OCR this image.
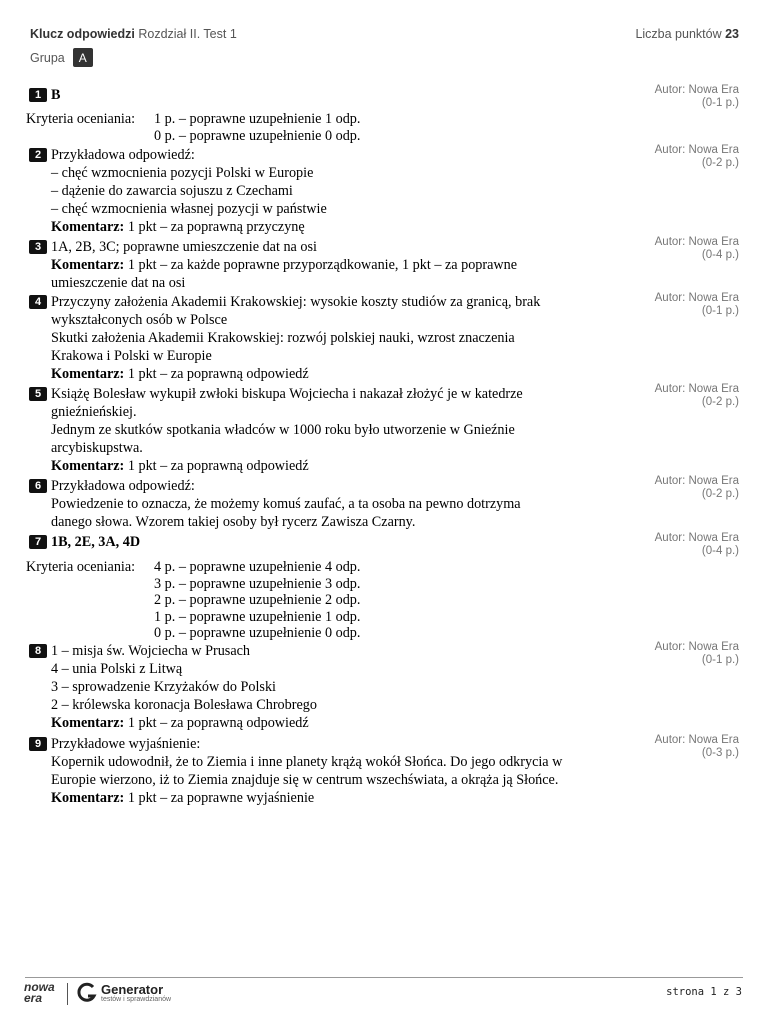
Klucz odpowiedzi Rozdział II. Test 1	Liczba punktów 23
Grupa	A
1 B	Autor: Nowa Era
(0-1 p.)
Kryteria oceniania:	1 p. – poprawne uzupełnienie 1 odp.
0 p. – poprawne uzupełnienie 0 odp.
2 Przykładowa odpowiedź:
– chęć wzmocnienia pozycji Polski w Europie
– dążenie do zawarcia sojuszu z Czechami
– chęć wzmocnienia własnej pozycji w państwie
Komentarz: 1 pkt – za poprawną przyczynę
Autor: Nowa Era
(0-2 p.)
3 1A, 2B, 3C; poprawne umieszczenie dat na osi
Komentarz: 1 pkt – za każde poprawne przyporządkowanie, 1 pkt – za poprawne
umieszczenie dat na osi
Autor: Nowa Era
(0-4 p.)
4 Przyczyny założenia Akademii Krakowskiej: wysokie koszty studiów za granicą, brak
wykształconych osób w Polsce
Skutki założenia Akademii Krakowskiej: rozwój polskiej nauki, wzrost znaczenia
Krakowa i Polski w Europie
Komentarz: 1 pkt – za poprawną odpowiedź
Autor: Nowa Era
(0-1 p.)
5 Książę Bolesław wykupił zwłoki biskupa Wojciecha i nakazał złożyć je w katedrze
gnieźnieńskiej.
Jednym ze skutków spotkania władców w 1000 roku było utworzenie w Gnieźnie
arcybiskupstwa.
Komentarz: 1 pkt – za poprawną odpowiedź
Autor: Nowa Era
(0-2 p.)
6 Przykładowa odpowiedź:
Powiedzenie to oznacza, że możemy komuś zaufać, a ta osoba na pewno dotrzyma
danego słowa. Wzorem takiej osoby był rycerz Zawisza Czarny.
Autor: Nowa Era
(0-2 p.)
7 1B, 2E, 3A, 4D	Autor: Nowa Era
(0-4 p.)
Kryteria oceniania:	4 p. – poprawne uzupełnienie 4 odp.
3 p. – poprawne uzupełnienie 3 odp.
2 p. – poprawne uzupełnienie 2 odp.
1 p. – poprawne uzupełnienie 1 odp.
0 p. – poprawne uzupełnienie 0 odp.
8 1 – misja św. Wojciecha w Prusach
4 – unia Polski z Litwą
3 – sprowadzenie Krzyżaków do Polski
2 – królewska koronacja Bolesława Chrobrego
Komentarz: 1 pkt – za poprawną odpowiedź
Autor: Nowa Era
(0-1 p.)
9 Przykładowe wyjaśnienie:
Kopernik udowodnił, że to Ziemia i inne planety krążą wokół Słońca. Do jego odkrycia w
Europie wierzono, iż to Ziemia znajduje się w centrum wszechświata, a okrąża ją Słońce.
Komentarz: 1 pkt – za poprawne wyjaśnienie
Autor: Nowa Era
(0-3 p.)
nowa
era
Generator
testów i sprawdzianów
strona 1 z 3
